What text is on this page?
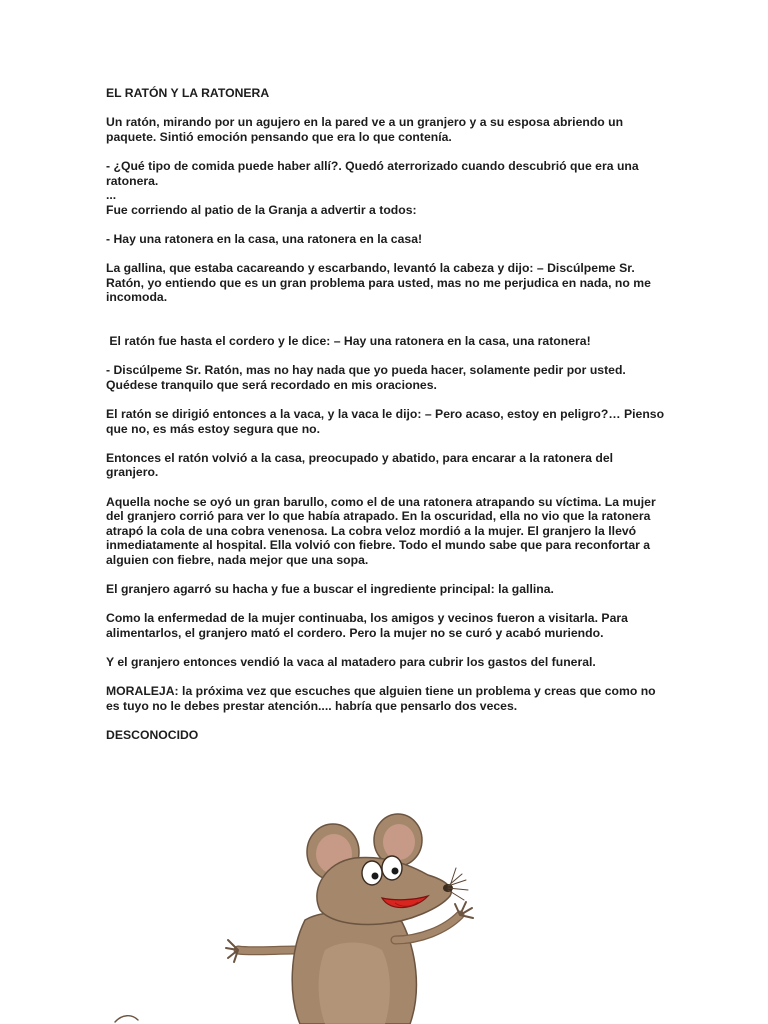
EL RATÓN Y LA RATONERA

Un ratón, mirando por un agujero en la pared ve a un granjero y a su esposa abriendo un paquete. Sintió emoción pensando que era lo que contenía.

- ¿Qué tipo de comida puede haber allí?. Quedó aterrorizado cuando descubrió que era una ratonera.

...

Fue corriendo al patio de la Granja a advertir a todos:

- Hay una ratonera en la casa, una ratonera en la casa!

La gallina, que estaba cacareando y escarbando, levantó la cabeza y dijo: – Discúlpeme Sr. Ratón, yo entiendo que es un gran problema para usted, mas no me perjudica en nada, no me incomoda.

El ratón fue hasta el cordero y le dice: – Hay una ratonera en la casa, una ratonera!

- Discúlpeme Sr. Ratón, mas no hay nada que yo pueda hacer, solamente pedir por usted. Quédese tranquilo que será recordado en mis oraciones.

El ratón se dirigió entonces a la vaca, y la vaca le dijo: – Pero acaso, estoy en peligro?… Pienso que no, es más estoy segura que no.

Entonces el ratón volvió a la casa, preocupado y abatido, para encarar a la ratonera del granjero.

Aquella noche se oyó un gran barullo, como el de una ratonera atrapando su víctima. La mujer del granjero corrió para ver lo que había atrapado. En la oscuridad, ella no vio que la ratonera atrapó la cola de una cobra venenosa. La cobra veloz mordió a la mujer. El granjero la llevó inmediatamente al hospital. Ella volvió con fiebre. Todo el mundo sabe que para reconfortar a alguien con fiebre, nada mejor que una sopa.

El granjero agarró su hacha y fue a buscar el ingrediente principal: la gallina.

Como la enfermedad de la mujer continuaba, los amigos y vecinos fueron a visitarla. Para alimentarlos, el granjero mató el cordero. Pero la mujer no se curó y acabó muriendo.

Y el granjero entonces vendió la vaca al matadero para cubrir los gastos del funeral.

MORALEJA: la próxima vez que escuches que alguien tiene un problema y creas que como no es tuyo no le debes prestar atención.... habría que pensarlo dos veces.

DESCONOCIDO
